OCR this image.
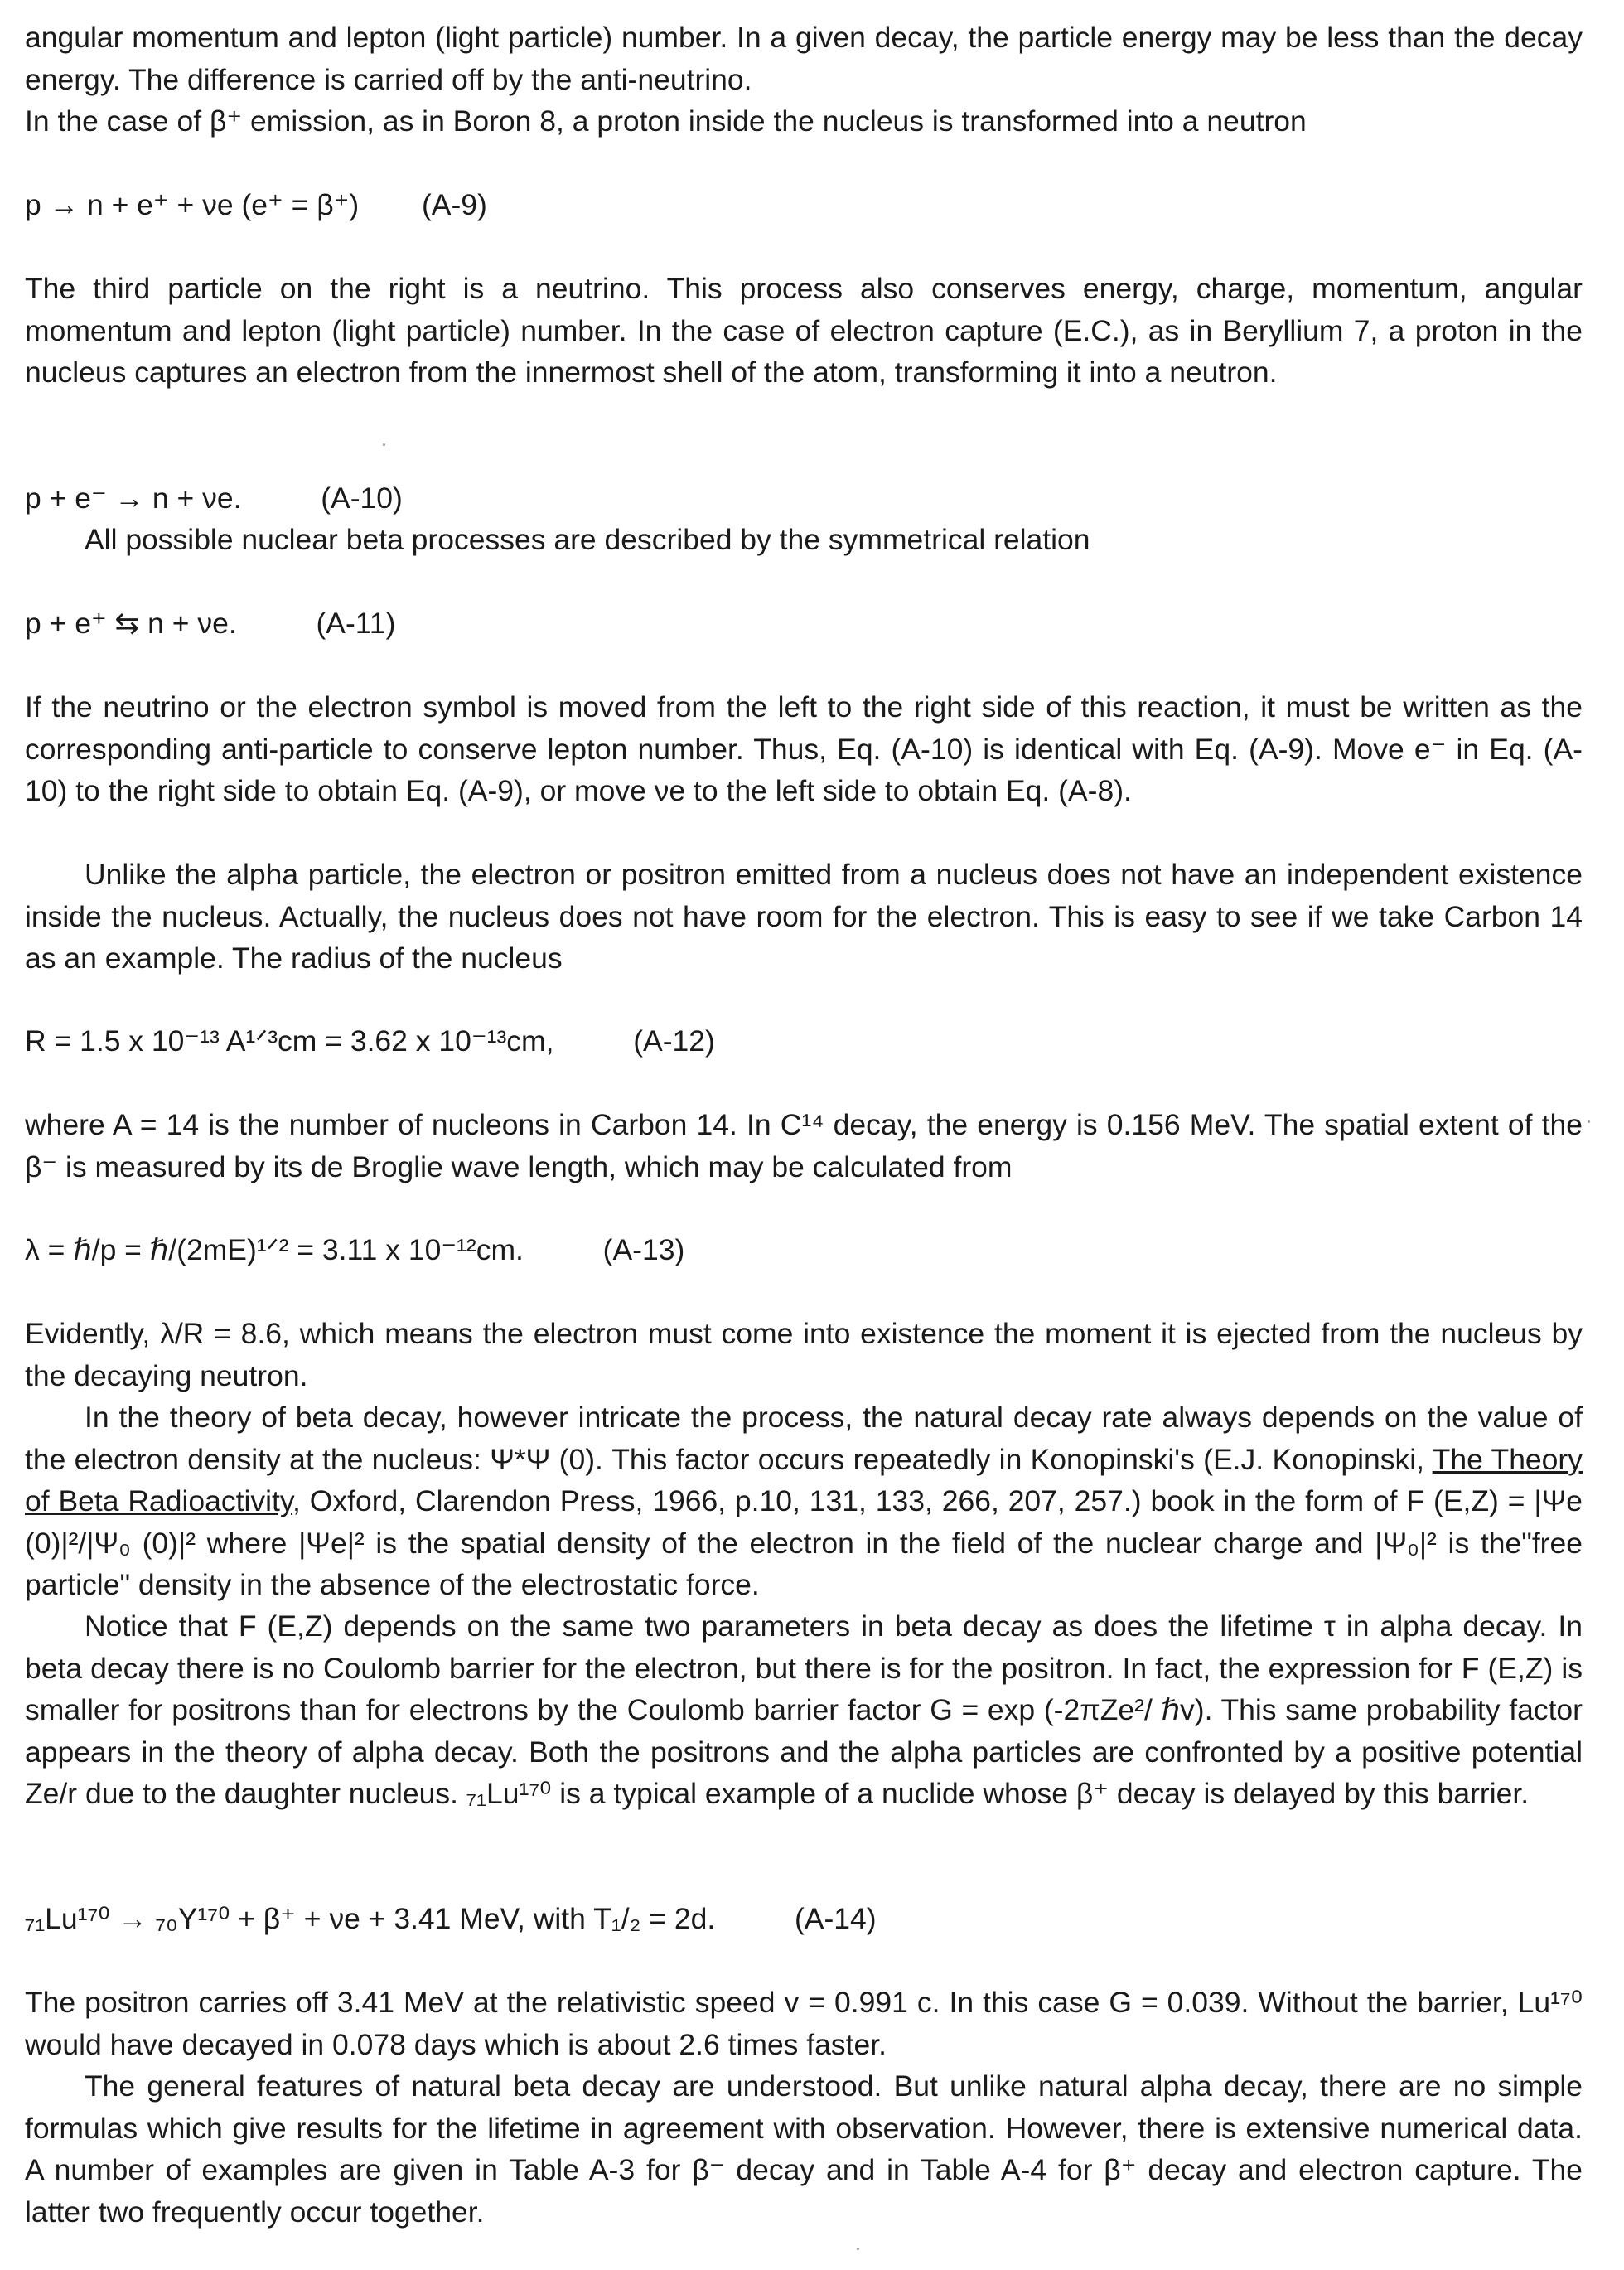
angular momentum and lepton (light particle) number. In a given decay, the particle energy may be less than the decay energy. The difference is carried off by the anti-neutrino.

In the case of β⁺ emission, as in Boron 8, a proton inside the nucleus is transformed into a neutron

p → n + e⁺ + νe (e⁺ = β⁺) (A-9)

The third particle on the right is a neutrino. This process also conserves energy, charge, momentum, angular momentum and lepton (light particle) number. In the case of electron capture (E.C.), as in Beryllium 7, a proton in the nucleus captures an electron from the innermost shell of the atom, transforming it into a neutron.

p + e⁻ → n + νe.	(A-10)

All possible nuclear beta processes are described by the symmetrical relation

p + e⁺ ⇆ n + νe.	(A-11)

If the neutrino or the electron symbol is moved from the left to the right side of this reaction, it must be written as the corresponding anti-particle to conserve lepton number. Thus, Eq. (A-10) is identical with Eq. (A-9). Move e⁻ in Eq. (A-10) to the right side to obtain Eq. (A-9), or move νe to the left side to obtain Eq. (A-8).

Unlike the alpha particle, the electron or positron emitted from a nucleus does not have an independent existence inside the nucleus. Actually, the nucleus does not have room for the electron. This is easy to see if we take Carbon 14 as an example. The radius of the nucleus

R = 1.5 x 10⁻¹³ A¹ᐟ³cm = 3.62 x 10⁻¹³cm,	(A-12)

where A = 14 is the number of nucleons in Carbon 14. In C¹⁴ decay, the energy is 0.156 MeV. The spatial extent of the β⁻ is measured by its de Broglie wave length, which may be calculated from

λ = ℏ/p = ℏ/(2mE)¹ᐟ² = 3.11 x 10⁻¹²cm.	(A-13)

Evidently, λ/R = 8.6, which means the electron must come into existence the moment it is ejected from the nucleus by the decaying neutron.

In the theory of beta decay, however intricate the process, the natural decay rate always depends on the value of the electron density at the nucleus: Ψ*Ψ (0). This factor occurs repeatedly in Konopinski's (E.J. Konopinski, The Theory of Beta Radioactivity, Oxford, Clarendon Press, 1966, p.10, 131, 133, 266, 207, 257.) book in the form of F (E,Z) = |Ψe (0)|²/|Ψ₀ (0)|² where |Ψe|² is the spatial density of the electron in the field of the nuclear charge and |Ψ₀|² is the"free particle" density in the absence of the electrostatic force.

Notice that F (E,Z) depends on the same two parameters in beta decay as does the lifetime τ in alpha decay. In beta decay there is no Coulomb barrier for the electron, but there is for the positron. In fact, the expression for F (E,Z) is smaller for positrons than for electrons by the Coulomb barrier factor G = exp (-2πZe²/ ℏv). This same probability factor appears in the theory of alpha decay. Both the positrons and the alpha particles are confronted by a positive potential Ze/r due to the daughter nucleus. ₇₁Lu¹⁷⁰ is a typical example of a nuclide whose β⁺ decay is delayed by this barrier.

₇₁Lu¹⁷⁰ → ₇₀Y¹⁷⁰ + β⁺ + νe + 3.41 MeV, with T₁/₂ = 2d.	(A-14)

The positron carries off 3.41 MeV at the relativistic speed v = 0.991 c. In this case G = 0.039. Without the barrier, Lu¹⁷⁰ would have decayed in 0.078 days which is about 2.6 times faster.

The general features of natural beta decay are understood. But unlike natural alpha decay, there are no simple formulas which give results for the lifetime in agreement with observation. However, there is extensive numerical data. A number of examples are given in Table A-3 for β⁻ decay and in Table A-4 for β⁺ decay and electron capture. The latter two frequently occur together.
